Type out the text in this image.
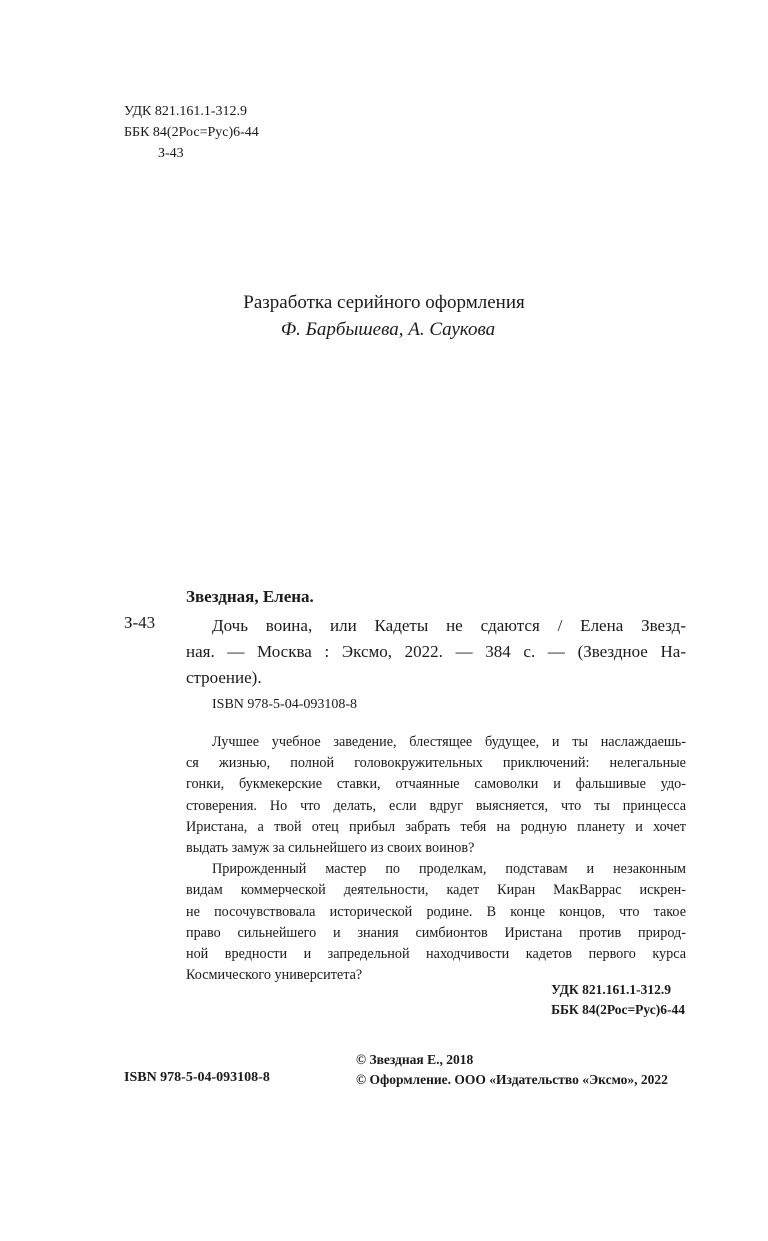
УДК 821.161.1-312.9
ББК 84(2Рос=Рус)6-44
З-43
Разработка серийного оформления
Ф. Барбышева, А. Саукова
Звездная, Елена.
З-43	Дочь воина, или Кадеты не сдаются / Елена Звезд-
ная. — Москва : Эксмо, 2022. — 384 с. — (Звездное На-
строение).
ISBN 978-5-04-093108-8
Лучшее учебное заведение, блестящее будущее, и ты наслаждаешь-
ся жизнью, полной головокружительных приключений: нелегальные
гонки, букмекерские ставки, отчаянные самоволки и фальшивые удо-
стоверения. Но что делать, если вдруг выясняется, что ты принцесса
Иристана, а твой отец прибыл забрать тебя на родную планету и хочет
выдать замуж за сильнейшего из своих воинов?
Прирожденный мастер по проделкам, подставам и незаконным
видам коммерческой деятельности, кадет Киран МакВаррас искрен-
не посочувствовала исторической родине. В конце концов, что такое
право сильнейшего и знания симбионтов Иристана против природ-
ной вредности и запредельной находчивости кадетов первого курса
Космического университета?
УДК 821.161.1-312.9
ББК 84(2Рос=Рус)6-44
© Звездная Е., 2018
© Оформление. ООО «Издательство «Эксмо», 2022
ISBN 978-5-04-093108-8
